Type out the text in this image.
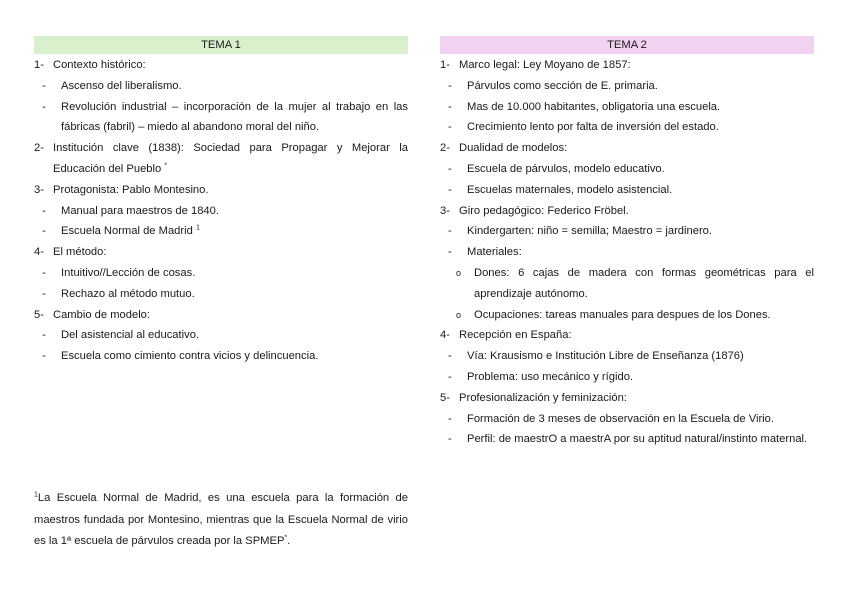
TEMA 1
1- Contexto histórico:
- Ascenso del liberalismo.
- Revolución industrial – incorporación de la mujer al trabajo en las fábricas (fabril) – miedo al abandono moral del niño.
2- Institución clave (1838): Sociedad para Propagar y Mejorar la Educación del Pueblo *
3- Protagonista: Pablo Montesino.
- Manual para maestros de 1840.
- Escuela Normal de Madrid $^1$
4- El método:
- Intuitivo//Lección de cosas.
- Rechazo al método mutuo.
5- Cambio de modelo:
- Del asistencial al educativo.
- Escuela como cimiento contra vicios y delincuencia.
TEMA 2
1- Marco legal: Ley Moyano de 1857:
- Párvulos como sección de E. primaria.
- Mas de 10.000 habitantes, obligatoria una escuela.
- Crecimiento lento por falta de inversión del estado.
2- Dualidad de modelos:
- Escuela de párvulos, modelo educativo.
- Escuelas maternales, modelo asistencial.
3- Giro pedagógico: Federico Fröbel.
- Kindergarten: niño = semilla; Maestro = jardinero.
- Materiales:
o Dones: 6 cajas de madera con formas geométricas para el aprendizaje autónomo.
o Ocupaciones: tareas manuales para despues de los Dones.
4- Recepción en España:
- Vía: Krausismo e Institución Libre de Enseñanza (1876)
- Problema: uso mecánico y rígido.
5- Profesionalización y feminización:
- Formación de 3 meses de observación en la Escuela de Virio.
- Perfil: de maestrO a maestrA por su aptitud natural/instinto maternal.
$^1$La Escuela Normal de Madrid, es una escuela para la formación de maestros fundada por Montesino, mientras que la Escuela Normal de virio es la 1ª escuela de párvulos creada por la SPMEP*.
